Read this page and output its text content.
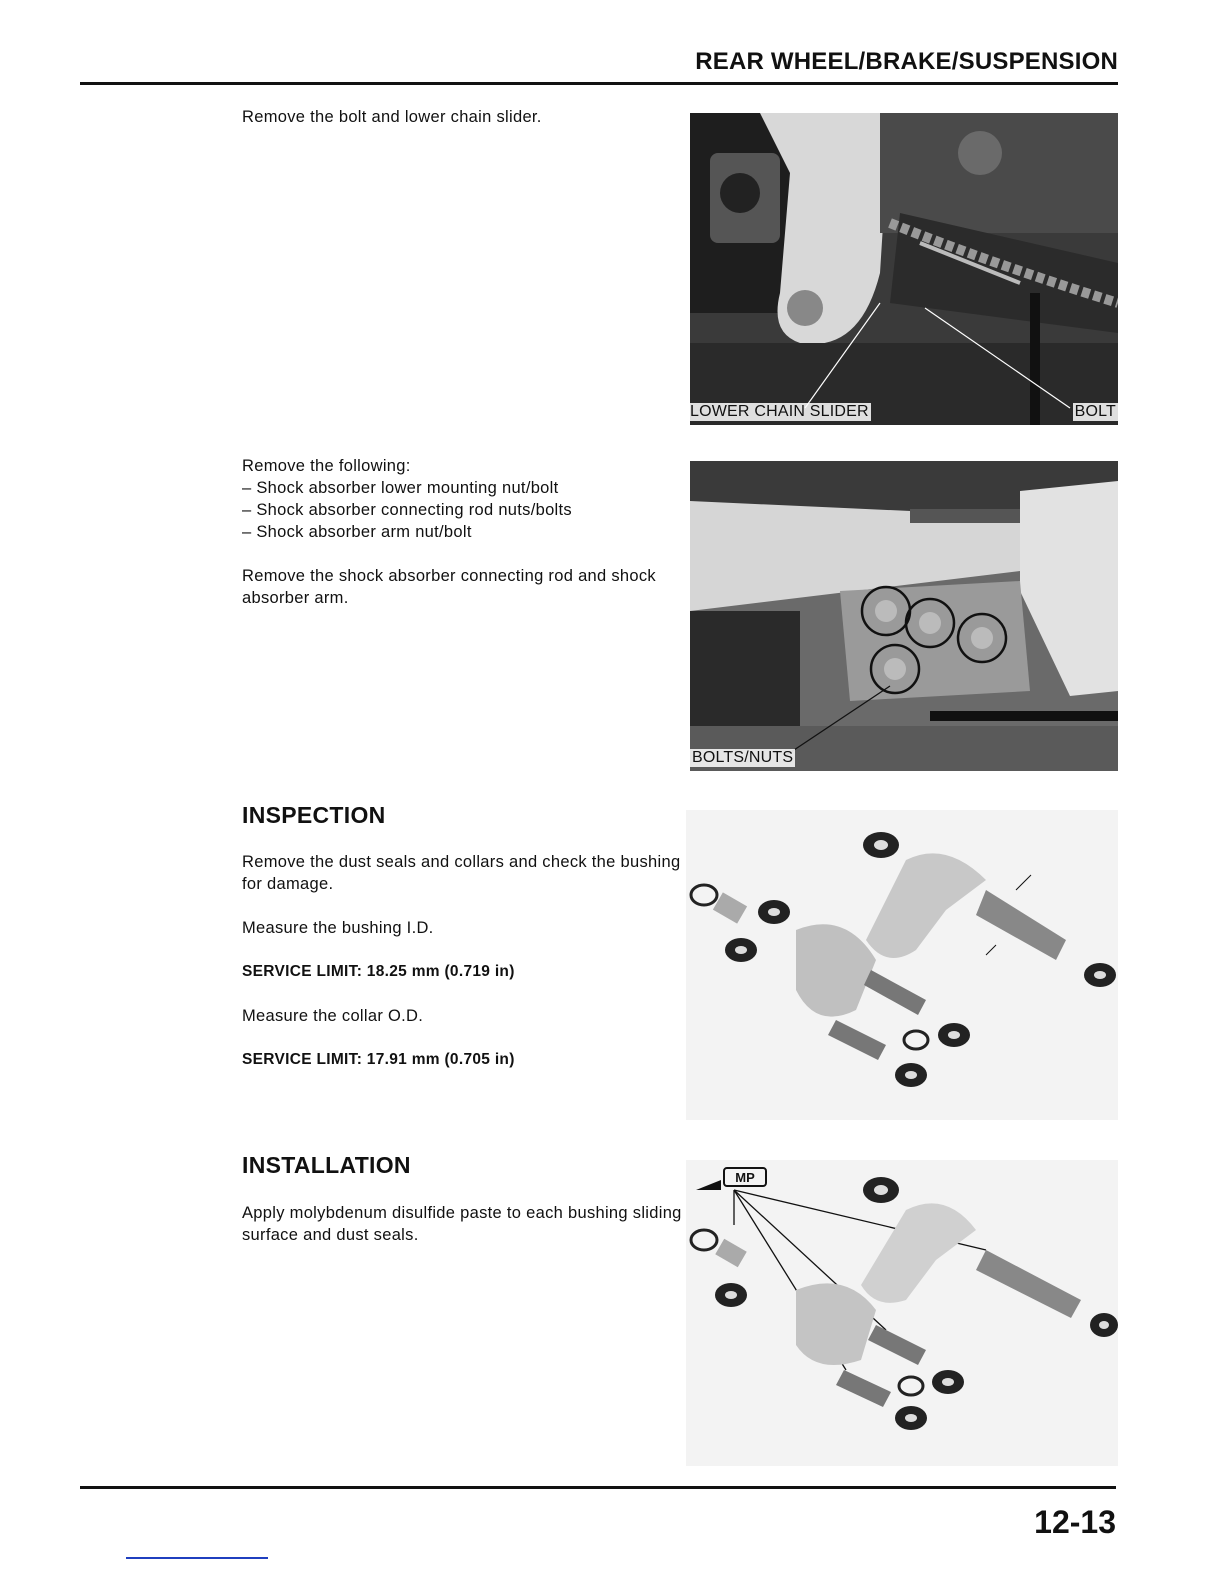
REAR WHEEL/BRAKE/SUSPENSION
Remove the bolt and lower chain slider.
LOWER CHAIN SLIDER	BOLT
Remove the following:
– Shock absorber lower mounting nut/bolt
– Shock absorber connecting rod nuts/bolts
– Shock absorber arm nut/bolt
Remove the shock absorber connecting rod and shock absorber arm.
BOLTS/NUTS
INSPECTION
Remove the dust seals and collars and check the bushing for damage.
Measure the bushing I.D.
SERVICE LIMIT: 18.25 mm (0.719 in)
Measure the collar O.D.
SERVICE LIMIT: 17.91 mm (0.705 in)
INSTALLATION
Apply molybdenum disulfide paste to each bushing sliding surface and dust seals.
MP
12-13
